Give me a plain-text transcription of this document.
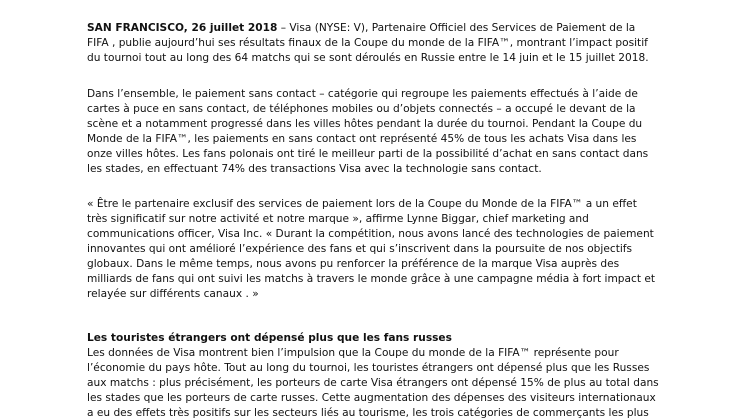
SAN FRANCISCO, 26 juillet 2018 – Visa (NYSE: V), Partenaire Officiel des Services de Paiement de la
FIFA , publie aujourd’hui ses résultats finaux de la Coupe du monde de la FIFA™, montrant l’impact positif
du tournoi tout au long des 64 matchs qui se sont déroulés en Russie entre le 14 juin et le 15 juillet 2018.
Dans l’ensemble, le paiement sans contact – catégorie qui regroupe les paiements effectués à l’aide de
cartes à puce en sans contact, de téléphones mobiles ou d’objets connectés – a occupé le devant de la
scène et a notamment progressé dans les villes hôtes pendant la durée du tournoi. Pendant la Coupe du
Monde de la FIFA™, les paiements en sans contact ont représenté 45% de tous les achats Visa dans les
onze villes hôtes. Les fans polonais ont tiré le meilleur parti de la possibilité d’achat en sans contact dans
les stades, en effectuant 74% des transactions Visa avec la technologie sans contact.
« Être le partenaire exclusif des services de paiement lors de la Coupe du Monde de la FIFA™ a un effet
très significatif sur notre activité et notre marque », affirme Lynne Biggar, chief marketing and
communications officer, Visa Inc. « Durant la compétition, nous avons lancé des technologies de paiement
innovantes qui ont amélioré l’expérience des fans et qui s’inscrivent dans la poursuite de nos objectifs
globaux. Dans le même temps, nous avons pu renforcer la préférence de la marque Visa auprès des
milliards de fans qui ont suivi les matchs à travers le monde grâce à une campagne média à fort impact et
relayée sur différents canaux . »
Les touristes étrangers ont dépensé plus que les fans russes
Les données de Visa montrent bien l’impulsion que la Coupe du monde de la FIFA™ représente pour
l’économie du pays hôte. Tout au long du tournoi, les touristes étrangers ont dépensé plus que les Russes
aux matchs : plus précisément, les porteurs de carte Visa étrangers ont dépensé 15% de plus au total dans
les stades que les porteurs de carte russes. Cette augmentation des dépenses des visiteurs internationaux
a eu des effets très positifs sur les secteurs liés au tourisme, les trois catégories de commerçants les plus
